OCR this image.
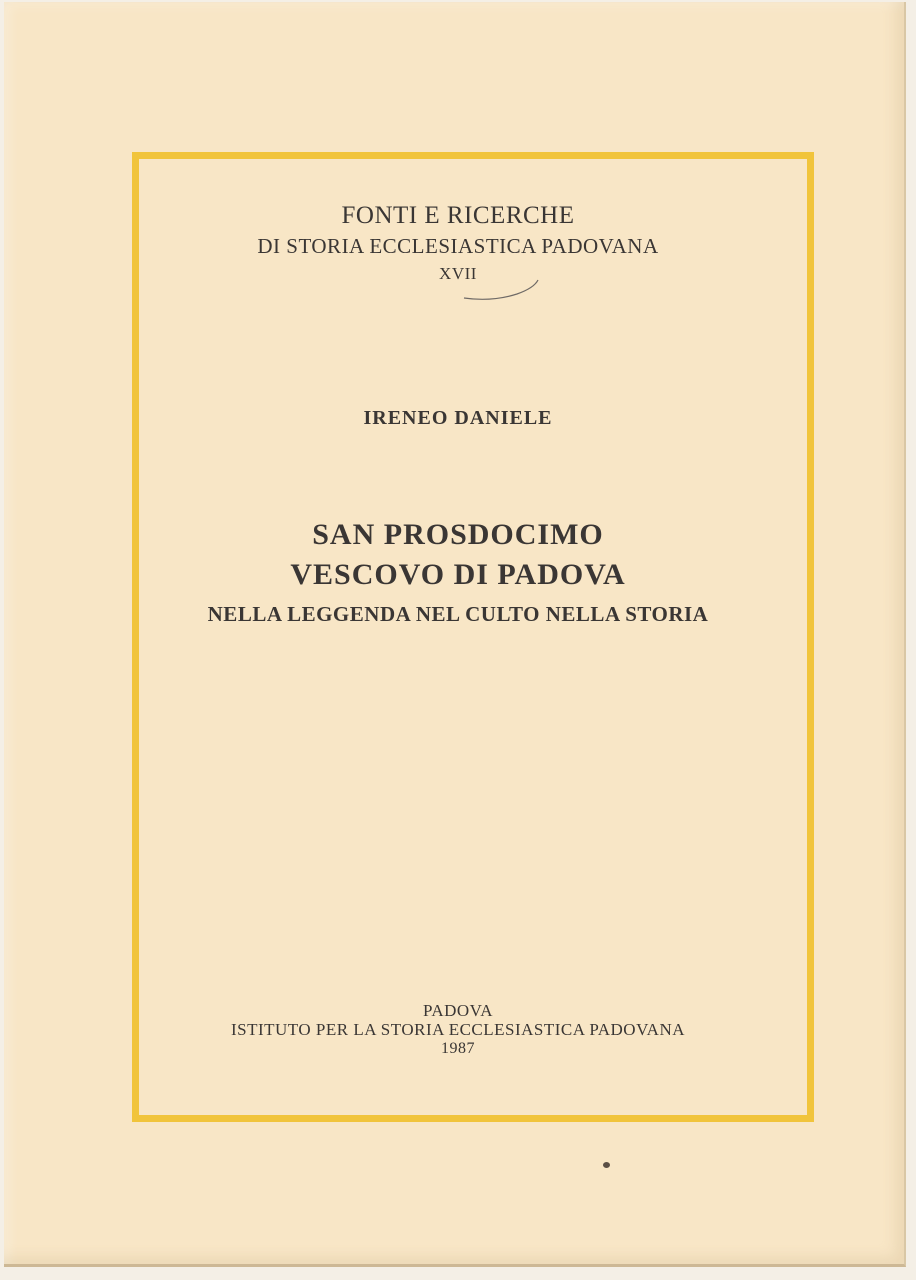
FONTI E RICERCHE
DI STORIA ECCLESIASTICA PADOVANA
XVII
IRENEO DANIELE
SAN PROSDOCIMO
VESCOVO DI PADOVA
NELLA LEGGENDA NEL CULTO NELLA STORIA
PADOVA
ISTITUTO PER LA STORIA ECCLESIASTICA PADOVANA
1987
